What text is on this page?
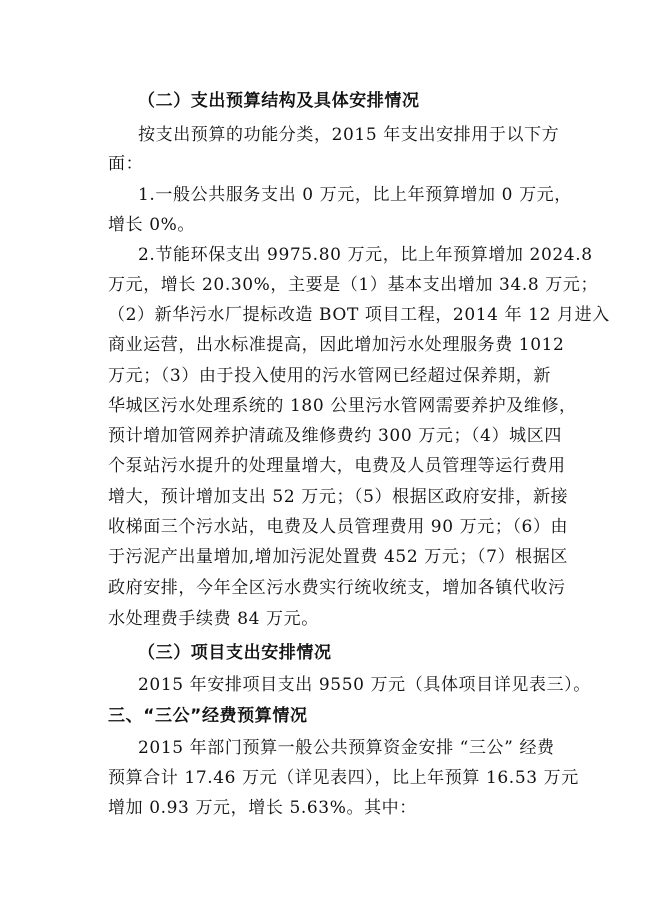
（二）支出预算结构及具体安排情况
按支出预算的功能分类，2015 年支出安排用于以下方
面：
1.一般公共服务支出 0 万元，比上年预算增加 0 万元，
增长 0%。
2.节能环保支出 9975.80 万元，比上年预算增加 2024.8
万元，增长 20.30%，主要是（1）基本支出增加 34.8 万元；
（2）新华污水厂提标改造 BOT 项目工程，2014 年 12 月进入
商业运营，出水标准提高，因此增加污水处理服务费 1012
万元；（3）由于投入使用的污水管网已经超过保养期，新
华城区污水处理系统的 180 公里污水管网需要养护及维修，
预计增加管网养护清疏及维修费约 300 万元；（4）城区四
个泵站污水提升的处理量增大，电费及人员管理等运行费用
增大，预计增加支出 52 万元；（5）根据区政府安排，新接
收梯面三个污水站，电费及人员管理费用 90 万元；（6）由
于污泥产出量增加,增加污泥处置费 452 万元；（7）根据区
政府安排，今年全区污水费实行统收统支，增加各镇代收污
水处理费手续费 84 万元。
（三）项目支出安排情况
2015 年安排项目支出 9550 万元（具体项目详见表三）。
三、“三公”经费预算情况
2015 年部门预算一般公共预算资金安排 “三公” 经费
预算合计 17.46 万元（详见表四），比上年预算 16.53 万元
增加 0.93 万元，增长 5.63%。其中：
